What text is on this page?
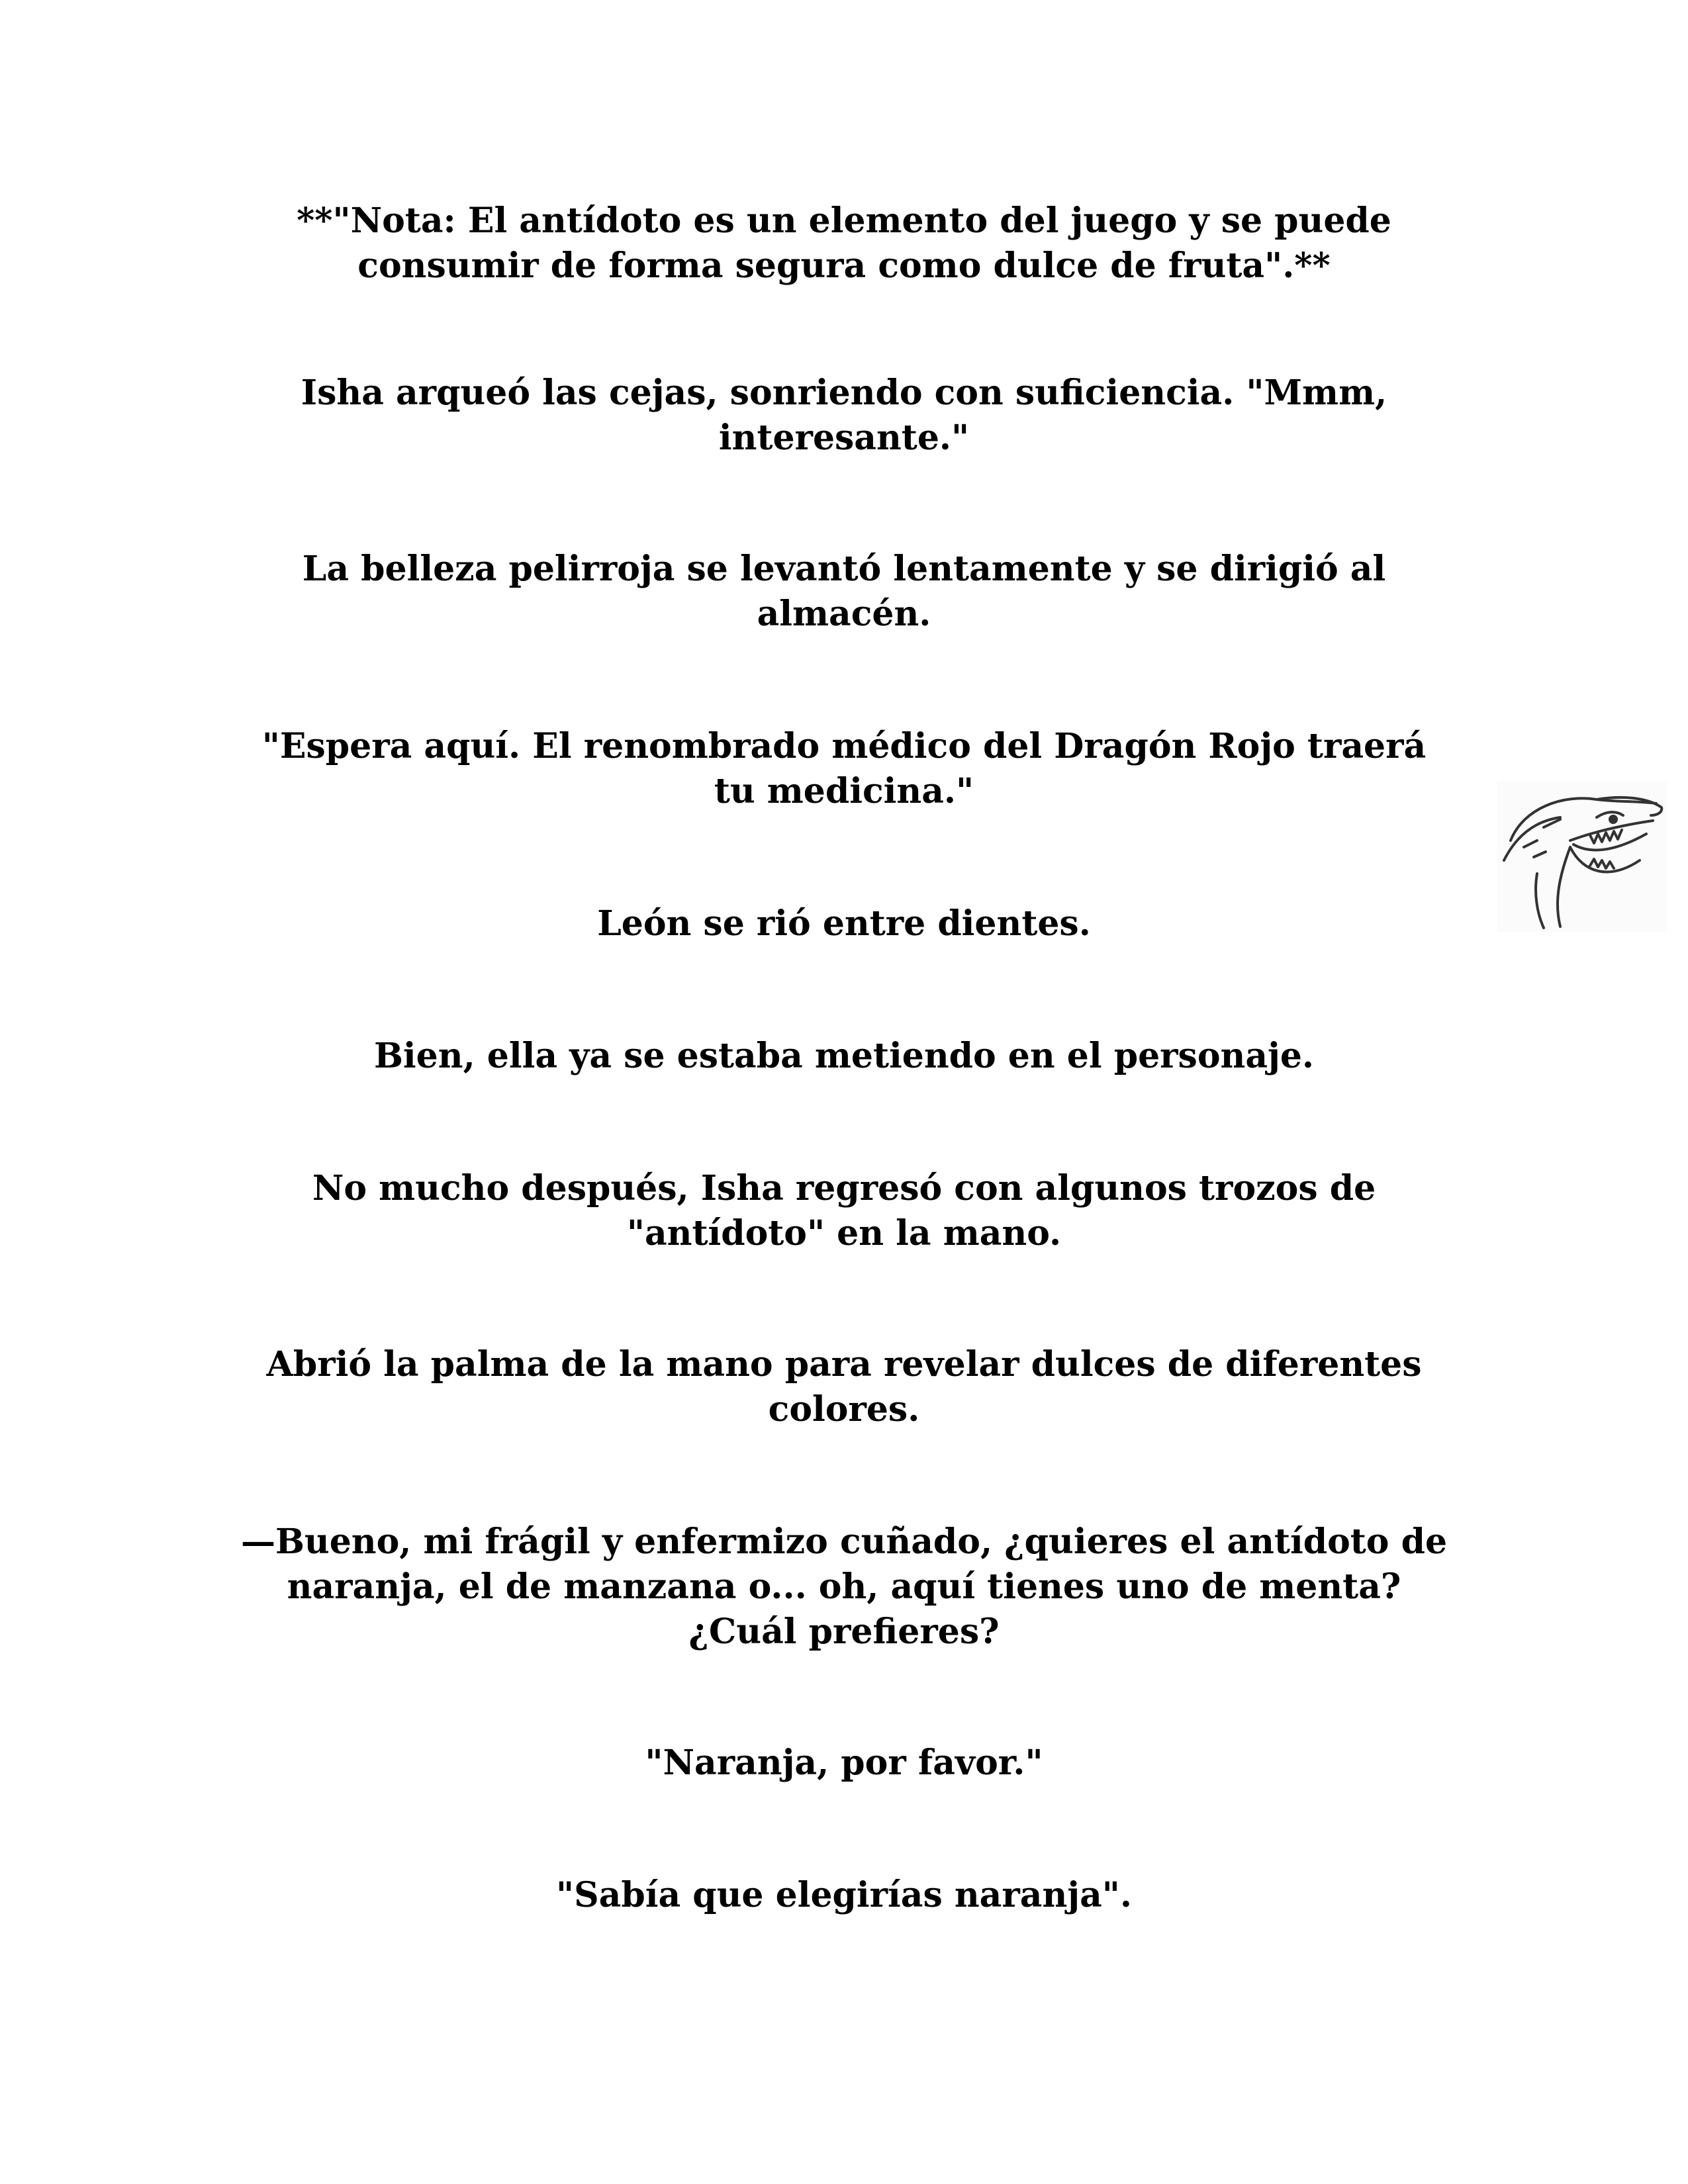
**"Nota: El antídoto es un elemento del juego y se puede
consumir de forma segura como dulce de fruta".**

Isha arqueó las cejas, sonriendo con suficiencia. "Mmm,
interesante."

La belleza pelirroja se levantó lentamente y se dirigió al
almacén.

"Espera aquí. El renombrado médico del Dragón Rojo traerá
tu medicina."

León se rió entre dientes.

Bien, ella ya se estaba metiendo en el personaje.

No mucho después, Isha regresó con algunos trozos de
"antídoto" en la mano.

Abrió la palma de la mano para revelar dulces de diferentes
colores.

—Bueno, mi frágil y enfermizo cuñado, ¿quieres el antídoto de
naranja, el de manzana o... oh, aquí tienes uno de menta?
¿Cuál prefieres?

"Naranja, por favor."

"Sabía que elegirías naranja".
